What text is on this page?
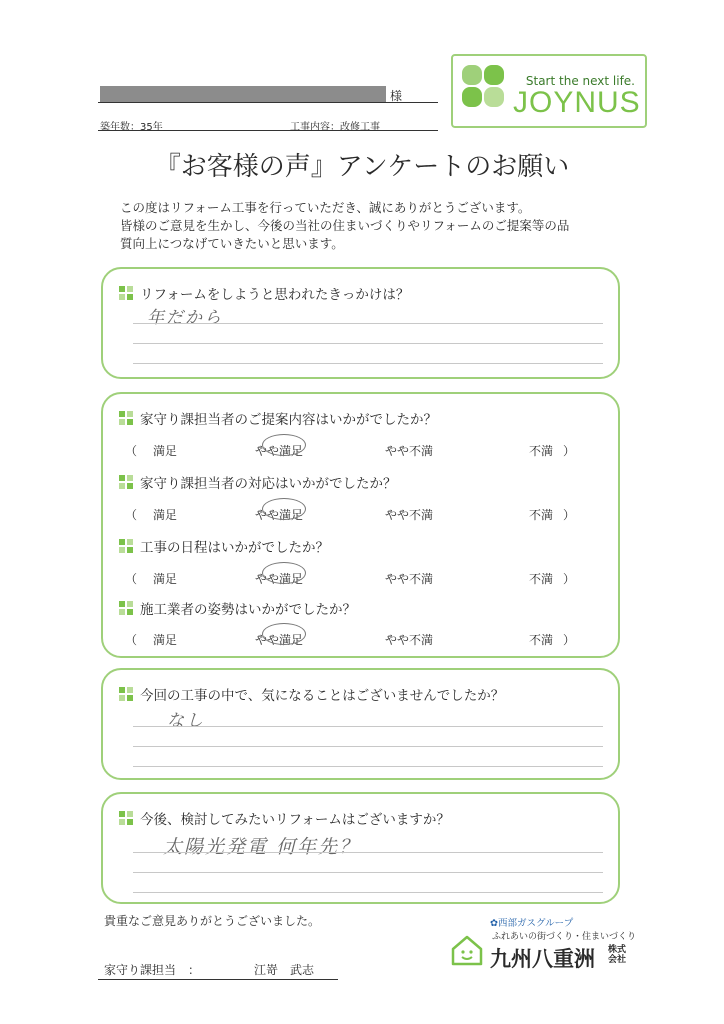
様
築年数：35年	工事内容：改修工事
Start the next life.
JOYNUS
『お客様の声』アンケートのお願い
この度はリフォーム工事を行っていただき、誠にありがとうございます。
皆様のご意見を生かし、今後の当社の住まいづくりやリフォームのご提案等の品
質向上につなげていきたいと思います。
リフォームをしようと思われたきっかけは？
年だから
家守り課担当者のご提案内容はいかがでしたか？
（ 満足	やや満足	やや不満	不満 ）
家守り課担当者の対応はいかがでしたか？
（ 満足	やや満足	やや不満	不満 ）
工事の日程はいかがでしたか？
（ 満足	やや満足	やや不満	不満 ）
施工業者の姿勢はいかがでしたか？
（ 満足	やや満足	やや不満	不満 ）
今回の工事の中で、気になることはございませんでしたか？
なし
今後、検討してみたいリフォームはございますか？
太陽光発電 何年先？
貴重なご意見ありがとうございました。
家守り課担当　：	江嵜　武志
✿西部ガスグループ
ふれあいの街づくり・住まいづくり
九州八重洲 株式会社
